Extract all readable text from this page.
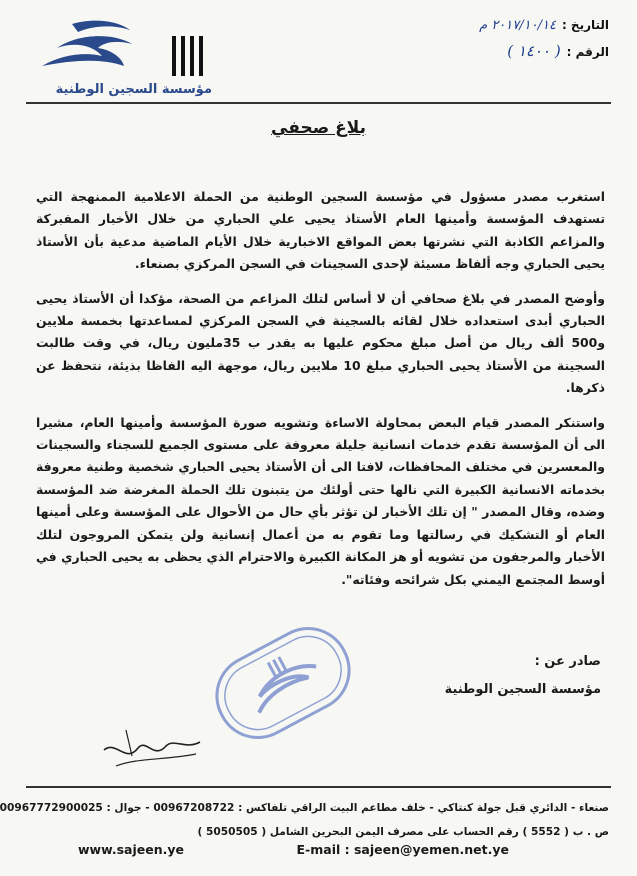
مؤسسة السجين الوطنية
التاريخ :
٢٠١٧/١٠/١٤ م
الرقم :
( ١٤٠٠ )
بلاغ صحفي

استغرب مصدر مسؤول في مؤسسة السجين الوطنية من الحملة الاعلامية الممنهجة التي تستهدف المؤسسة وأمينها العام الأستاذ يحيى علي الحباري من خلال الأخبار المفبركة والمزاعم الكاذبة التي نشرتها بعض المواقع الاخبارية خلال الأيام الماضية مدعية بأن الأستاذ يحيى الحباري وجه ألفاظ مسيئة لإحدى السجينات في السجن المركزي بصنعاء.

وأوضح المصدر في بلاغ صحافي أن لا أساس لتلك المزاعم من الصحة، مؤكدا أن الأستاذ يحيى الحباري أبدى استعداده خلال لقائه بالسجينة في السجن المركزي لمساعدتها بخمسة ملايين و500 ألف ريال من أصل مبلغ محكوم عليها به يقدر ب 35مليون ريال، في وقت طالبت السجينة من الأستاذ يحيى الحباري مبلغ 10 ملايين ريال، موجهة اليه الفاظا بذيئة، نتحفظ عن ذكرها.

واستنكر المصدر قيام البعض بمحاولة الاساءة وتشويه صورة المؤسسة وأمينها العام، مشيرا الى أن المؤسسة تقدم خدمات انسانية جليلة معروفة على مستوى الجميع للسجناء والسجينات والمعسرين في مختلف المحافظات، لافتا الى أن الأستاذ يحيى الحباري شخصية وطنية معروفة بخدماته الانسانية الكبيرة التي نالها حتى أولئك من يتبنون تلك الحملة المغرضة ضد المؤسسة وضده، وقال المصدر " إن تلك الأخبار لن تؤثر بأي حال من الأحوال على المؤسسة وعلى أمينها العام أو التشكيك في رسالتها وما تقوم به من أعمال إنسانية ولن يتمكن المروجون لتلك الأخبار والمرجفون من تشويه أو هز المكانة الكبيرة والاحترام الذي يحظى به يحيى الحباري في أوسط المجتمع اليمني بكل شرائحه وفئاته".

صادر عن :
مؤسسة السجين الوطنية
صنعاء - الدائري قبل جولة كنتاكي - خلف مطاعم البيت الراقي تلفاكس : 00967208722 - جوال : 00967772900025
ص . ب ( 5552 ) رقم الحساب على مصرف اليمن البحرين الشامل ( 5050505 )
www.sajeen.ye	E-mail : sajeen@yemen.net.ye
